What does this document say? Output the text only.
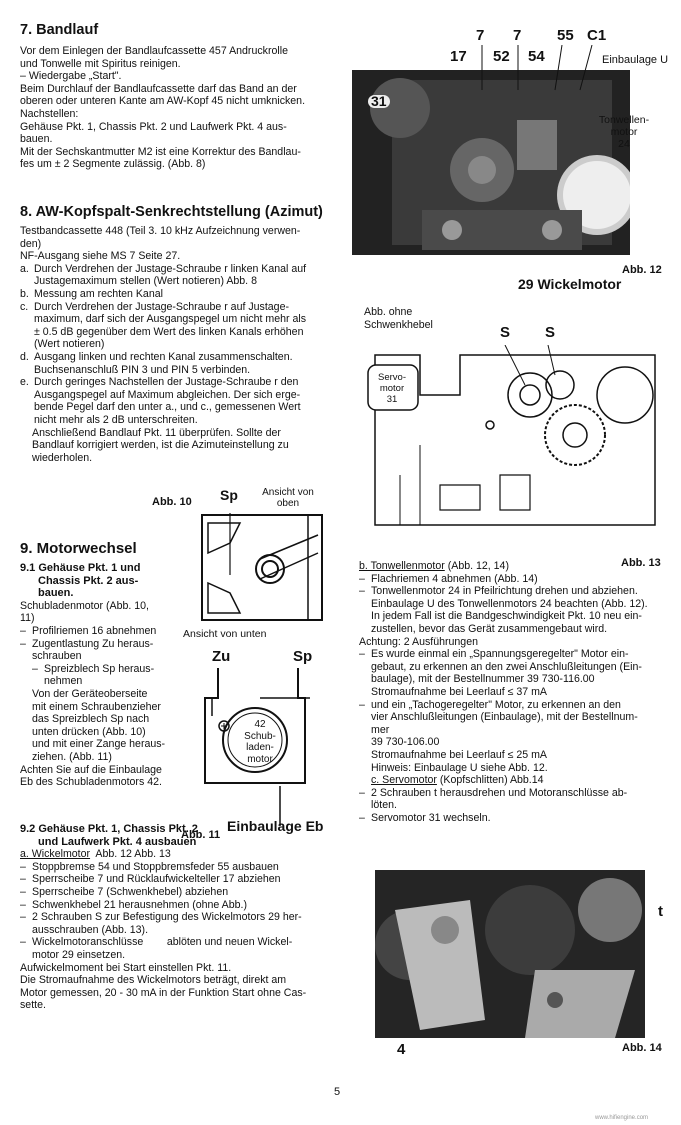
7. Bandlauf

Vor dem Einlegen der Bandlaufcassette 457 Andruckrolle

und Tonwelle mit Spiritus reinigen.

– Wiedergabe „Start".

Beim Durchlauf der Bandlaufcassette darf das Band an der

oberen oder unteren Kante am AW-Kopf 45 nicht umknicken.

Nachstellen:

Gehäuse Pkt. 1, Chassis Pkt. 2 und Laufwerk Pkt. 4 aus-

bauen.

Mit der Sechskantmutter M2 ist eine Korrektur des Bandlau-

fes um ± 2 Segmente zulässig. (Abb. 8)

8. AW-Kopfspalt-Senkrechtstellung (Azimut)

Testbandcassette 448 (Teil 3. 10 kHz Aufzeichnung verwen-

den)

NF-Ausgang siehe MS 7 Seite 27.

a. Durch Verdrehen der Justage-Schraube r linken Kanal auf
Justagemaximum stellen (Wert notieren) Abb. 8
b. Messung am rechten Kanal
c. Durch Verdrehen der Justage-Schraube r auf Justage-
maximum, darf sich der Ausgangspegel um nicht mehr als
± 0.5 dB gegenüber dem Wert des linken Kanals erhöhen
(Wert notieren)
d. Ausgang linken und rechten Kanal zusammenschalten.
Buchsenanschluß PIN 3 und PIN 5 verbinden.
e. Durch geringes Nachstellen der Justage-Schraube r den
Ausgangspegel auf Maximum abgleichen. Der sich erge-
bende Pegel darf den unter a., und c., gemessenen Wert
nicht mehr als 2 dB unterschreiten.

Anschließend Bandlauf Pkt. 11 überprüfen. Sollte der

Bandlauf korrigiert werden, ist die Azimuteinstellung zu

wiederholen.

Abb. 10 Sp	Ansicht von oben
Ansicht von unten
9. Motorwechsel
9.1 Gehäuse Pkt. 1 und
Chassis Pkt. 2 aus-
bauen.

Schubladenmotor (Abb. 10,

11)

– Profilriemen 16 abnehmen
– Zugentlastung Zu heraus-
schrauben
– Spreizblech Sp heraus-
nehmen

Von der Geräteoberseite

mit einem Schraubenzieher

das Spreizblech Sp nach

unten drücken (Abb. 10)

und mit einer Zange heraus-

ziehen. (Abb. 11)

Achten Sie auf die Einbaulage

Eb des Schubladenmotors 42.

Zu	Sp
42
Schub-
laden-
motor
Abb. 11
Einbaulage Eb
9.2 Gehäuse Pkt. 1, Chassis Pkt. 2
und Laufwerk Pkt. 4 ausbauen

a. Wickelmotor Abb. 12 Abb. 13

– Stoppbremse 54 und Stoppbremsfeder 55 ausbauen
– Sperrscheibe 7 und Rücklaufwickelteller 17 abziehen
– Sperrscheibe 7 (Schwenkhebel) abziehen
– Schwenkhebel 21 herausnehmen (ohne Abb.)
– 2 Schrauben S zur Befestigung des Wickelmotors 29 her-
ausschrauben (Abb. 13).
– Wickelmotoranschlüsse        ablöten und neuen Wickel-
motor 29 einsetzen.

Aufwickelmoment bei Start einstellen Pkt. 11.

Die Stromaufnahme des Wickelmotors beträgt, direkt am

Motor gemessen, 20 - 30 mA in der Funktion Start ohne Cas-

sette.

7 7 55 C1
17 52 54
31
Einbaulage U
Tonwellen-
motor
24
Abb. 12
29 Wickelmotor
Abb. ohne
Schwenkhebel	S S
Servo-
motor
31
Abb. 13

b. Tonwellenmotor (Abb. 12, 14)

– Flachriemen 4 abnehmen (Abb. 14)
– Tonwellenmotor 24 in Pfeilrichtung drehen und abziehen.
Einbaulage U des Tonwellenmotors 24 beachten (Abb. 12).
In jedem Fall ist die Bandgeschwindigkeit Pkt. 10 neu ein-
zustellen, bevor das Gerät zusammengebaut wird.

Achtung: 2 Ausführungen

– Es wurde einmal ein „Spannungsgeregelter" Motor ein-
gebaut, zu erkennen an den zwei Anschlußleitungen (Ein-
baulage), mit der Bestellnummer 39 730-116.00
Stromaufnahme bei Leerlauf ≤ 37 mA
– und ein „Tachogeregelter" Motor, zu erkennen an den
vier Anschlußleitungen (Einbaulage), mit der Bestellnum-
mer
39 730-106.00
Stromaufnahme bei Leerlauf ≤ 25 mA
Hinweis: Einbaulage U siehe Abb. 12.

c. Servomotor (Kopfschlitten) Abb.14

– 2 Schrauben t herausdrehen und Motoranschlüsse ab-
löten.
– Servomotor 31 wechseln.
t
4	Abb. 14
5
www.hifiengine.com
